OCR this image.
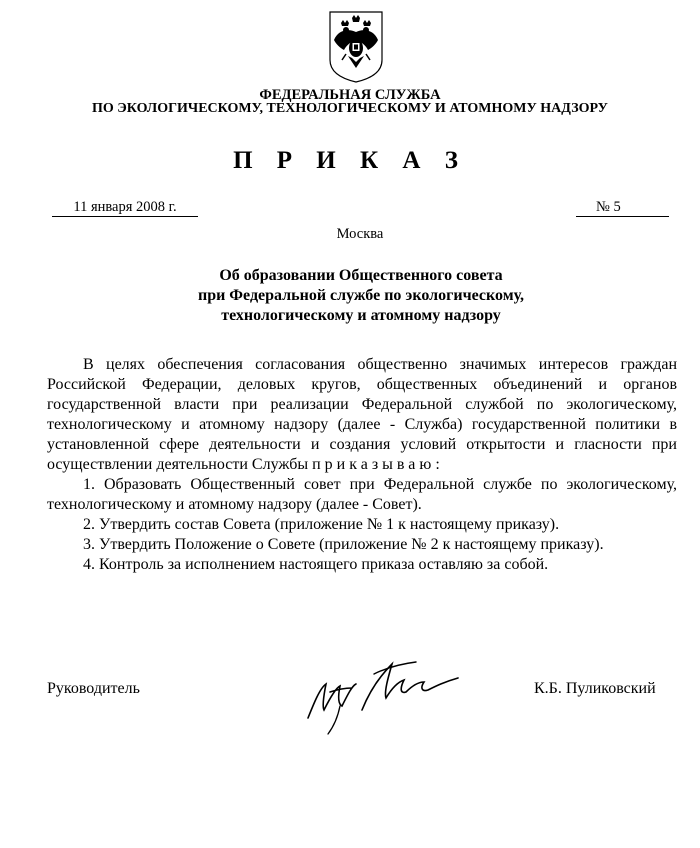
ФЕДЕРАЛЬНАЯ СЛУЖБА
ПО ЭКОЛОГИЧЕСКОМУ, ТЕХНОЛОГИЧЕСКОМУ И АТОМНОМУ НАДЗОРУ
П Р И К А З
11 января 2008 г.	№ 5
Москва
Об образовании Общественного совета
при Федеральной службе по экологическому,
технологическому и атомному надзору

В целях обеспечения согласования общественно значимых интересов граждан Российской Федерации, деловых кругов, общественных объединений и органов государственной власти при реализации Федеральной службой по экологическому, технологическому и атомному надзору (далее - Служба) государственной политики в установленной сфере деятельности и создания условий открытости и гласности при осуществлении деятельности Службы приказываю:

1. Образовать Общественный совет при Федеральной службе по экологическому, технологическому и атомному надзору (далее - Совет).

2. Утвердить состав Совета (приложение № 1 к настоящему приказу).

3. Утвердить Положение о Совете (приложение № 2 к настоящему приказу).

4. Контроль за исполнением настоящего приказа оставляю за собой.

Руководитель	К.Б. Пуликовский
